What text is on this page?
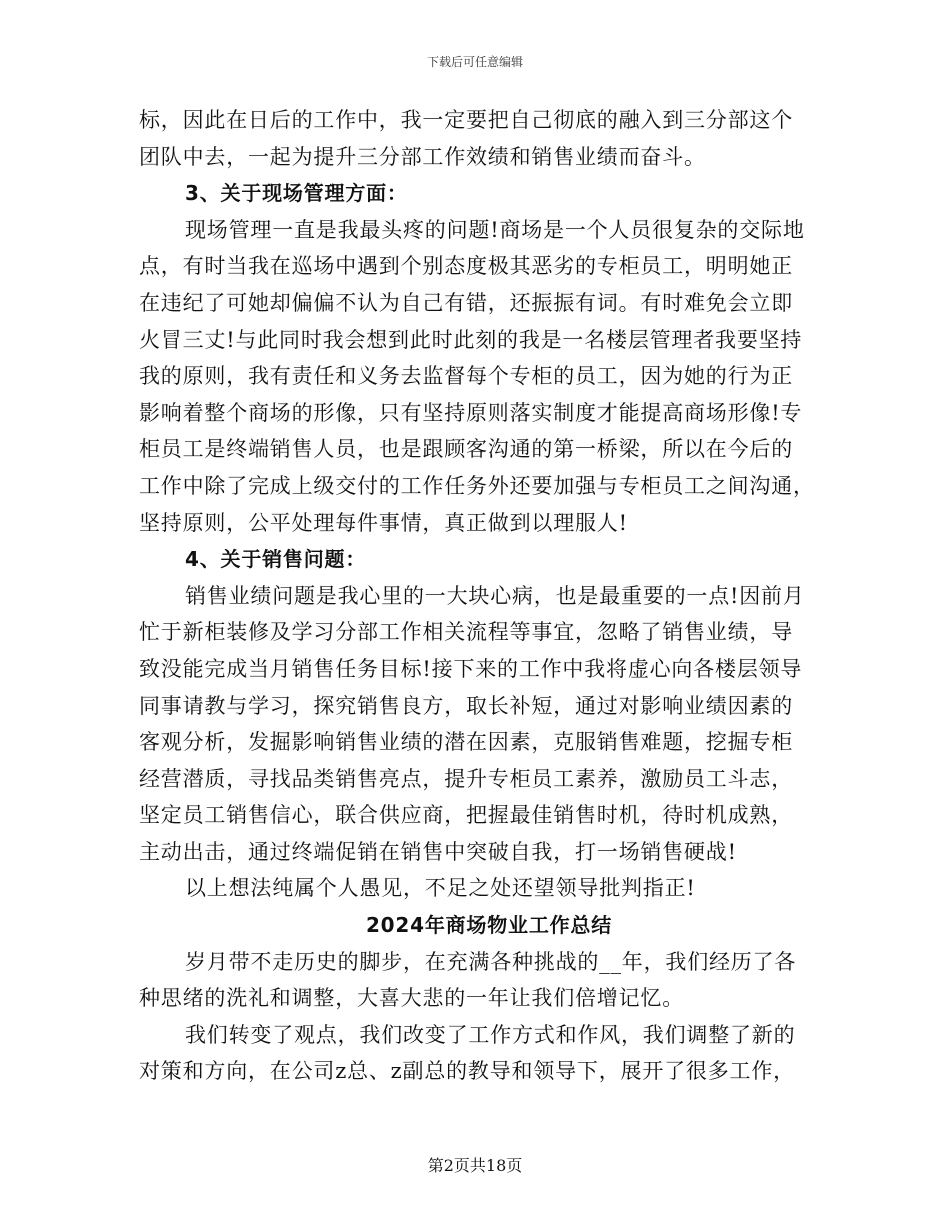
下载后可任意编辑
标，因此在日后的工作中，我一定要把自己彻底的融入到三分部这个
团队中去，一起为提升三分部工作效绩和销售业绩而奋斗。
3、关于现场管理方面：
现场管理一直是我最头疼的问题!商场是一个人员很复杂的交际地
点，有时当我在巡场中遇到个别态度极其恶劣的专柜员工，明明她正
在违纪了可她却偏偏不认为自己有错，还振振有词。有时难免会立即
火冒三丈!与此同时我会想到此时此刻的我是一名楼层管理者我要坚持
我的原则，我有责任和义务去监督每个专柜的员工，因为她的行为正
影响着整个商场的形像，只有坚持原则落实制度才能提高商场形像!专
柜员工是终端销售人员，也是跟顾客沟通的第一桥梁，所以在今后的
工作中除了完成上级交付的工作任务外还要加强与专柜员工之间沟通，
坚持原则，公平处理每件事情，真正做到以理服人!
4、关于销售问题：
销售业绩问题是我心里的一大块心病，也是最重要的一点!因前月
忙于新柜装修及学习分部工作相关流程等事宜，忽略了销售业绩，导
致没能完成当月销售任务目标!接下来的工作中我将虚心向各楼层领导
同事请教与学习，探究销售良方，取长补短，通过对影响业绩因素的
客观分析，发掘影响销售业绩的潜在因素，克服销售难题，挖掘专柜
经营潜质，寻找品类销售亮点，提升专柜员工素养，激励员工斗志，
坚定员工销售信心，联合供应商，把握最佳销售时机，待时机成熟，
主动出击，通过终端促销在销售中突破自我，打一场销售硬战!
以上想法纯属个人愚见，不足之处还望领导批判指正!
2024年商场物业工作总结
岁月带不走历史的脚步，在充满各种挑战的__年，我们经历了各
种思绪的洗礼和调整，大喜大悲的一年让我们倍增记忆。
我们转变了观点，我们改变了工作方式和作风，我们调整了新的
对策和方向，在公司z总、z副总的教导和领导下，展开了很多工作，
第2页共18页
